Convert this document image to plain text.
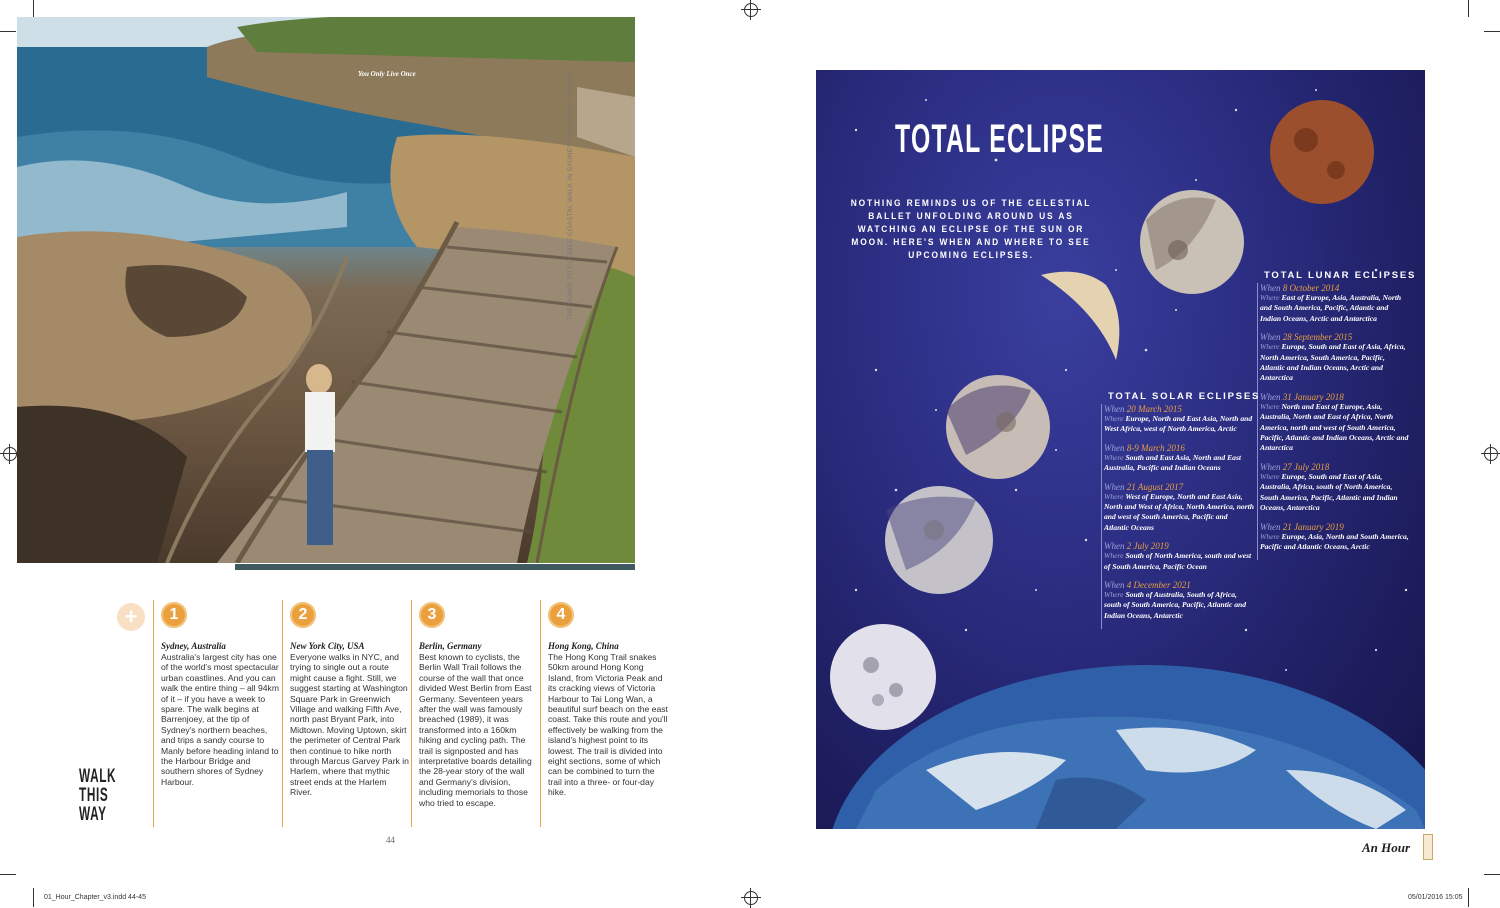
You Only Live Once	THE BONDI TO COOGEE COASTAL WALK IN SYDNEY Getty/Andrew Watson
+	1
Sydney, Australia
Australia's largest city has one of the world's most spectacular urban coastlines. And you can walk the entire thing – all 94km of it – if you have a week to spare. The walk begins at Barrenjoey, at the tip of Sydney's northern beaches, and trips a sandy course to Manly before heading inland to the Harbour Bridge and southern shores of Sydney Harbour.
2
New York City, USA
Everyone walks in NYC, and trying to single out a route might cause a fight. Still, we suggest starting at Washington Square Park in Greenwich Village and walking Fifth Ave, north past Bryant Park, into Midtown. Moving Uptown, skirt the perimeter of Central Park then continue to hike north through Marcus Garvey Park in Harlem, where that mythic street ends at the Harlem River.
3
Berlin, Germany
Best known to cyclists, the Berlin Wall Trail follows the course of the wall that once divided West Berlin from East Germany. Seventeen years after the wall was famously breached (1989), it was transformed into a 160km hiking and cycling path. The trail is signposted and has interpretative boards detailing the 28-year story of the wall and Germany's division, including memorials to those who tried to escape.
4
Hong Kong, China
The Hong Kong Trail snakes 50km around Hong Kong Island, from Victoria Peak and its cracking views of Victoria Harbour to Tai Long Wan, a beautiful surf beach on the east coast. Take this route and you'll effectively be walking from the island's highest point to its lowest. The trail is divided into eight sections, some of which can be combined to turn the trail into a three- or four-day hike.
WALK
THIS
WAY
44
TOTAL ECLIPSE
NOTHING REMINDS US OF THE CELESTIAL BALLET UNFOLDING AROUND US AS WATCHING AN ECLIPSE OF THE SUN OR MOON. HERE'S WHEN AND WHERE TO SEE UPCOMING ECLIPSES.
TOTAL LUNAR ECLIPSES
When 8 October 2014
Where East of Europe, Asia, Australia, North and South America, Pacific, Atlantic and Indian Oceans, Arctic and Antarctica
When 28 September 2015
Where Europe, South and East of Asia, Africa, North America, South America, Pacific, Atlantic and Indian Oceans, Arctic and Antarctica
When 31 January 2018
Where North and East of Europe, Asia, Australia, North and East of Africa, North America, north and west of South America, Pacific, Atlantic and Indian Oceans, Arctic and Antarctica
When 27 July 2018
Where Europe, South and East of Asia, Australia, Africa, south of North America, South America, Pacific, Atlantic and Indian Oceans, Antarctica
When 21 January 2019
Where Europe, Asia, North and South America, Pacific and Atlantic Oceans, Arctic
TOTAL SOLAR ECLIPSES
When 20 March 2015
Where Europe, North and East Asia, North and West Africa, west of North America, Arctic
When 8-9 March 2016
Where South and East Asia, North and East Australia, Pacific and Indian Oceans
When 21 August 2017
Where West of Europe, North and East Asia, North and West of Africa, North America, north and west of South America, Pacific and Atlantic Oceans
When 2 July 2019
Where South of North America, south and west of South America, Pacific Ocean
When 4 December 2021
Where South of Australia, South of Africa, south of South America, Pacific, Atlantic and Indian Oceans, Antarctic
An Hour
01_Hour_Chapter_v3.indd 44-45	05/01/2016 15:05
